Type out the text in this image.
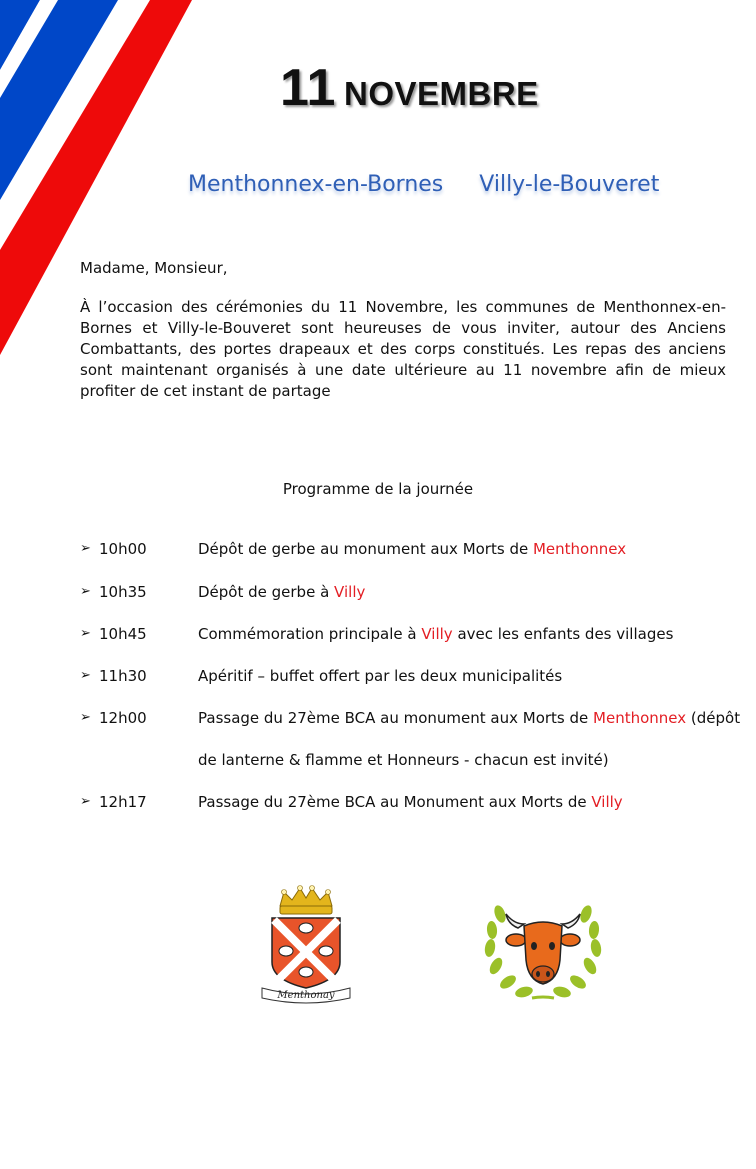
11 NOVEMBRE
Menthonnex-en-Bornes Villy-le-Bouveret
Madame, Monsieur,
À l’occasion des cérémonies du 11 Novembre, les communes de Menthonnex-en-Bornes et Villy-le-Bouveret sont heureuses de vous inviter, autour des Anciens Combattants, des portes drapeaux et des corps constitués. Les repas des anciens sont maintenant organisés à une date ultérieure au 11 novembre afin de mieux profiter de cet instant de partage
Programme de la journée
➢ 10h00	Dépôt de gerbe au monument aux Morts de Menthonnex
➢ 10h35	Dépôt de gerbe à Villy
➢ 10h45	Commémoration principale à Villy avec les enfants des villages
➢ 11h30	Apéritif – buffet offert par les deux municipalités
➢ 12h00	Passage du 27ème BCA au monument aux Morts de Menthonnex (dépôt
de lanterne & flamme et Honneurs - chacun est invité)
➢ 12h17	Passage du 27ème BCA au Monument aux Morts de Villy
Menthonay
